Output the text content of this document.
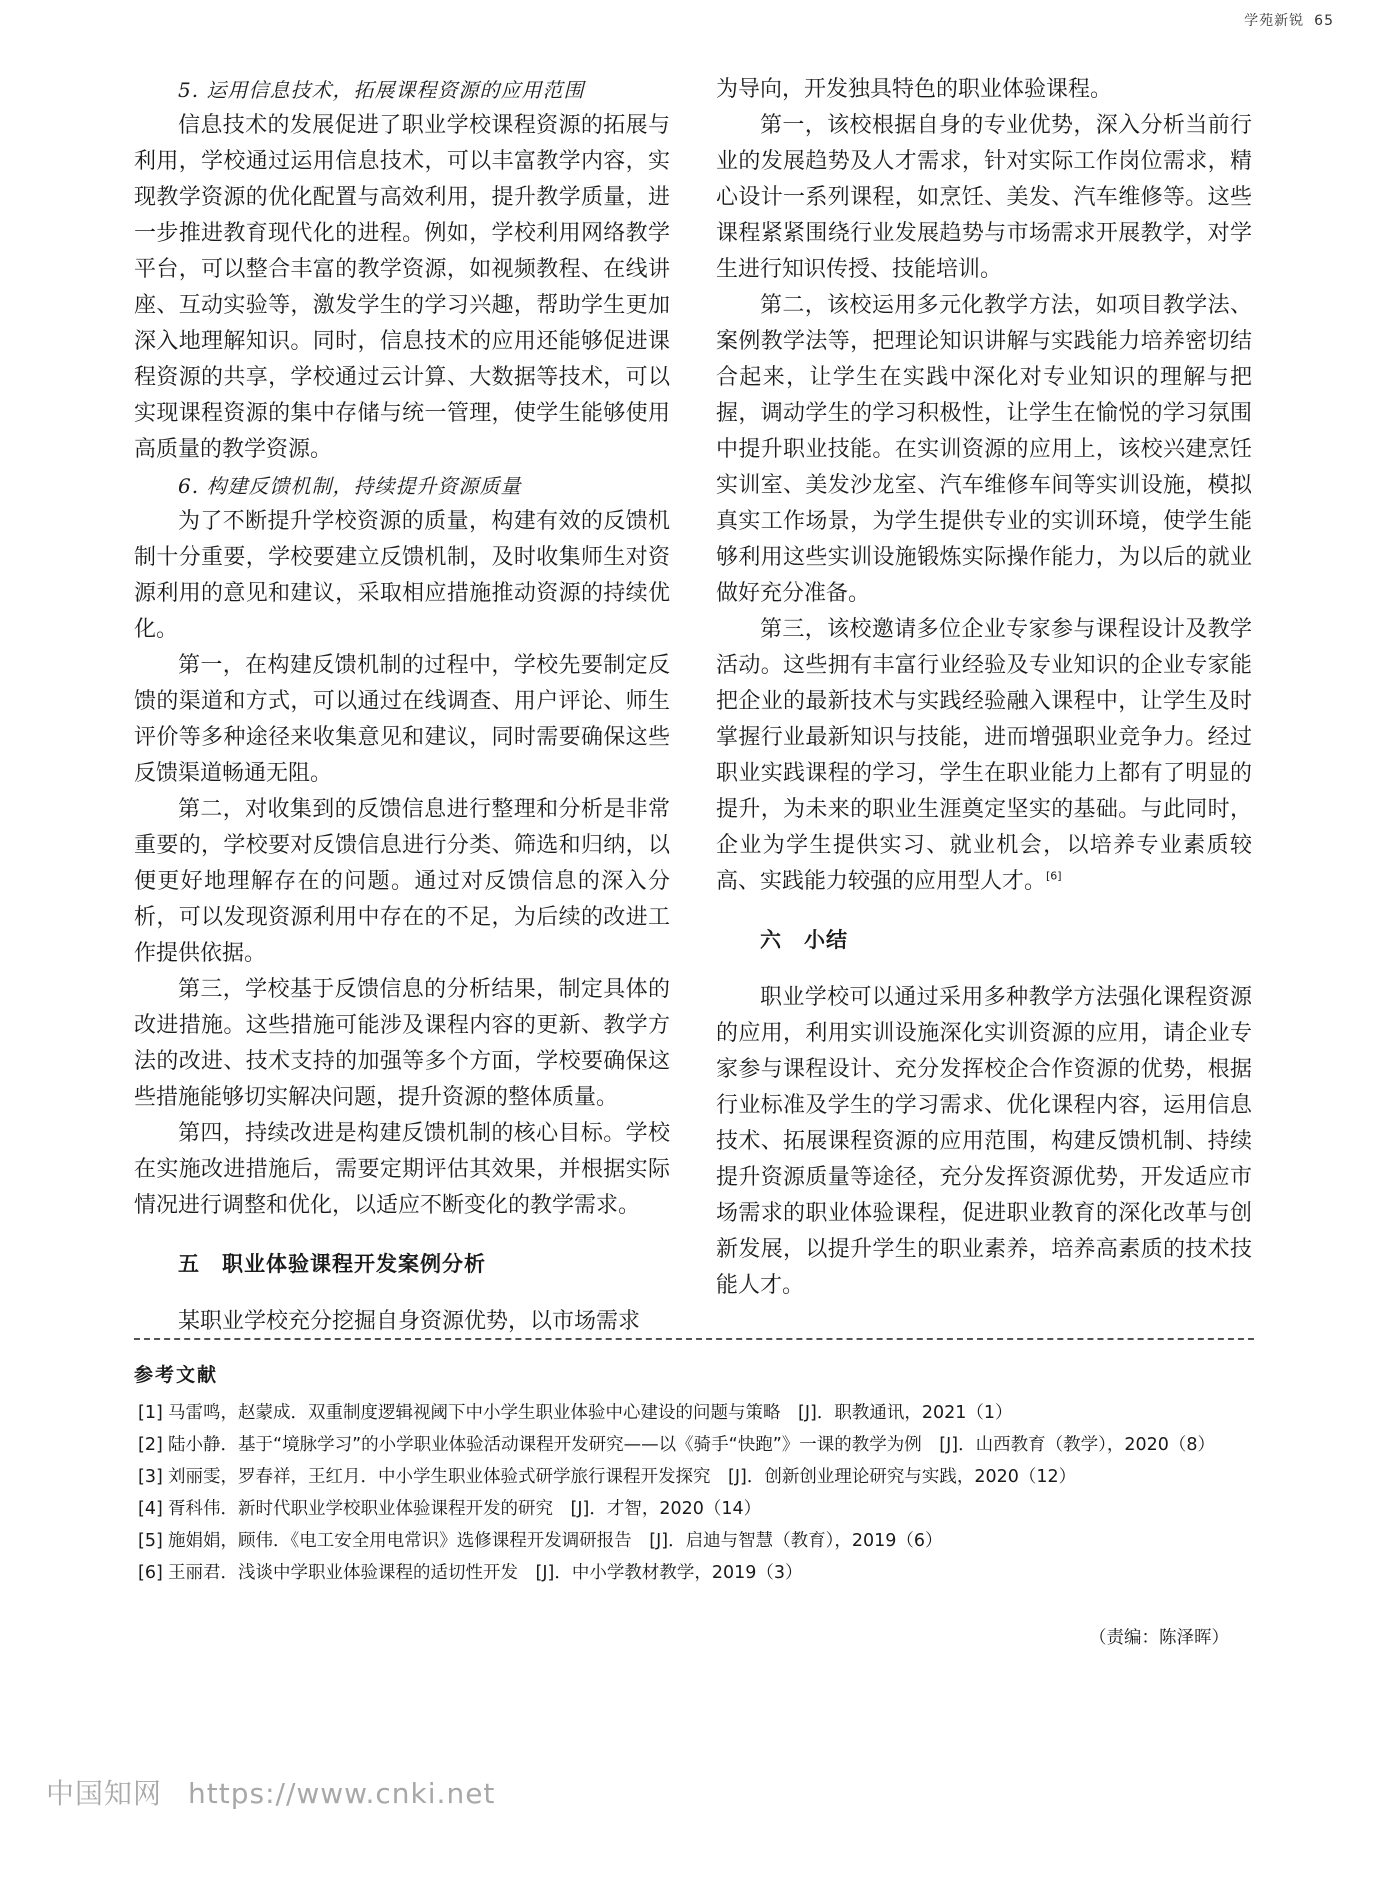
学苑新锐 65

5. 运用信息技术，拓展课程资源的应用范围

信息技术的发展促进了职业学校课程资源的拓展与利用，学校通过运用信息技术，可以丰富教学内容，实现教学资源的优化配置与高效利用，提升教学质量，进一步推进教育现代化的进程。例如，学校利用网络教学平台，可以整合丰富的教学资源，如视频教程、在线讲座、互动实验等，激发学生的学习兴趣，帮助学生更加深入地理解知识。同时，信息技术的应用还能够促进课程资源的共享，学校通过云计算、大数据等技术，可以实现课程资源的集中存储与统一管理，使学生能够使用高质量的教学资源。

6. 构建反馈机制，持续提升资源质量

为了不断提升学校资源的质量，构建有效的反馈机制十分重要，学校要建立反馈机制，及时收集师生对资源利用的意见和建议，采取相应措施推动资源的持续优化。

第一，在构建反馈机制的过程中，学校先要制定反馈的渠道和方式，可以通过在线调查、用户评论、师生评价等多种途径来收集意见和建议，同时需要确保这些反馈渠道畅通无阻。

第二，对收集到的反馈信息进行整理和分析是非常重要的，学校要对反馈信息进行分类、筛选和归纳，以便更好地理解存在的问题。通过对反馈信息的深入分析，可以发现资源利用中存在的不足，为后续的改进工作提供依据。

第三，学校基于反馈信息的分析结果，制定具体的改进措施。这些措施可能涉及课程内容的更新、教学方法的改进、技术支持的加强等多个方面，学校要确保这些措施能够切实解决问题，提升资源的整体质量。

第四，持续改进是构建反馈机制的核心目标。学校在实施改进措施后，需要定期评估其效果，并根据实际情况进行调整和优化，以适应不断变化的教学需求。

五　职业体验课程开发案例分析

某职业学校充分挖掘自身资源优势，以市场需求

为导向，开发独具特色的职业体验课程。

第一，该校根据自身的专业优势，深入分析当前行业的发展趋势及人才需求，针对实际工作岗位需求，精心设计一系列课程，如烹饪、美发、汽车维修等。这些课程紧紧围绕行业发展趋势与市场需求开展教学，对学生进行知识传授、技能培训。

第二，该校运用多元化教学方法，如项目教学法、案例教学法等，把理论知识讲解与实践能力培养密切结合起来，让学生在实践中深化对专业知识的理解与把握，调动学生的学习积极性，让学生在愉悦的学习氛围中提升职业技能。在实训资源的应用上，该校兴建烹饪实训室、美发沙龙室、汽车维修车间等实训设施，模拟真实工作场景，为学生提供专业的实训环境，使学生能够利用这些实训设施锻炼实际操作能力，为以后的就业做好充分准备。

第三，该校邀请多位企业专家参与课程设计及教学活动。这些拥有丰富行业经验及专业知识的企业专家能把企业的最新技术与实践经验融入课程中，让学生及时掌握行业最新知识与技能，进而增强职业竞争力。经过职业实践课程的学习，学生在职业能力上都有了明显的提升，为未来的职业生涯奠定坚实的基础。与此同时，企业为学生提供实习、就业机会，以培养专业素质较高、实践能力较强的应用型人才。[6]

六　小结

职业学校可以通过采用多种教学方法强化课程资源的应用，利用实训设施深化实训资源的应用，请企业专家参与课程设计、充分发挥校企合作资源的优势，根据行业标准及学生的学习需求、优化课程内容，运用信息技术、拓展课程资源的应用范围，构建反馈机制、持续提升资源质量等途径，充分发挥资源优势，开发适应市场需求的职业体验课程，促进职业教育的深化改革与创新发展，以提升学生的职业素养，培养高素质的技术技能人才。

参考文献

[1] 马雷鸣，赵蒙成．双重制度逻辑视阈下中小学生职业体验中心建设的问题与策略　[J]．职教通讯，2021（1）
[2] 陆小静．基于“境脉学习”的小学职业体验活动课程开发研究——以《骑手“快跑”》一课的教学为例　[J]．山西教育（教学），2020（8）
[3] 刘丽雯，罗春祥，王红月．中小学生职业体验式研学旅行课程开发探究　[J]．创新创业理论研究与实践，2020（12）
[4] 胥科伟．新时代职业学校职业体验课程开发的研究　[J]．才智，2020（14）
[5] 施娟娟，顾伟．《电工安全用电常识》选修课程开发调研报告　[J]．启迪与智慧（教育），2019（6）
[6] 王丽君．浅谈中学职业体验课程的适切性开发　[J]．中小学教材教学，2019（3）
（责编：陈泽晖）
中国知网 https://www.cnki.net
